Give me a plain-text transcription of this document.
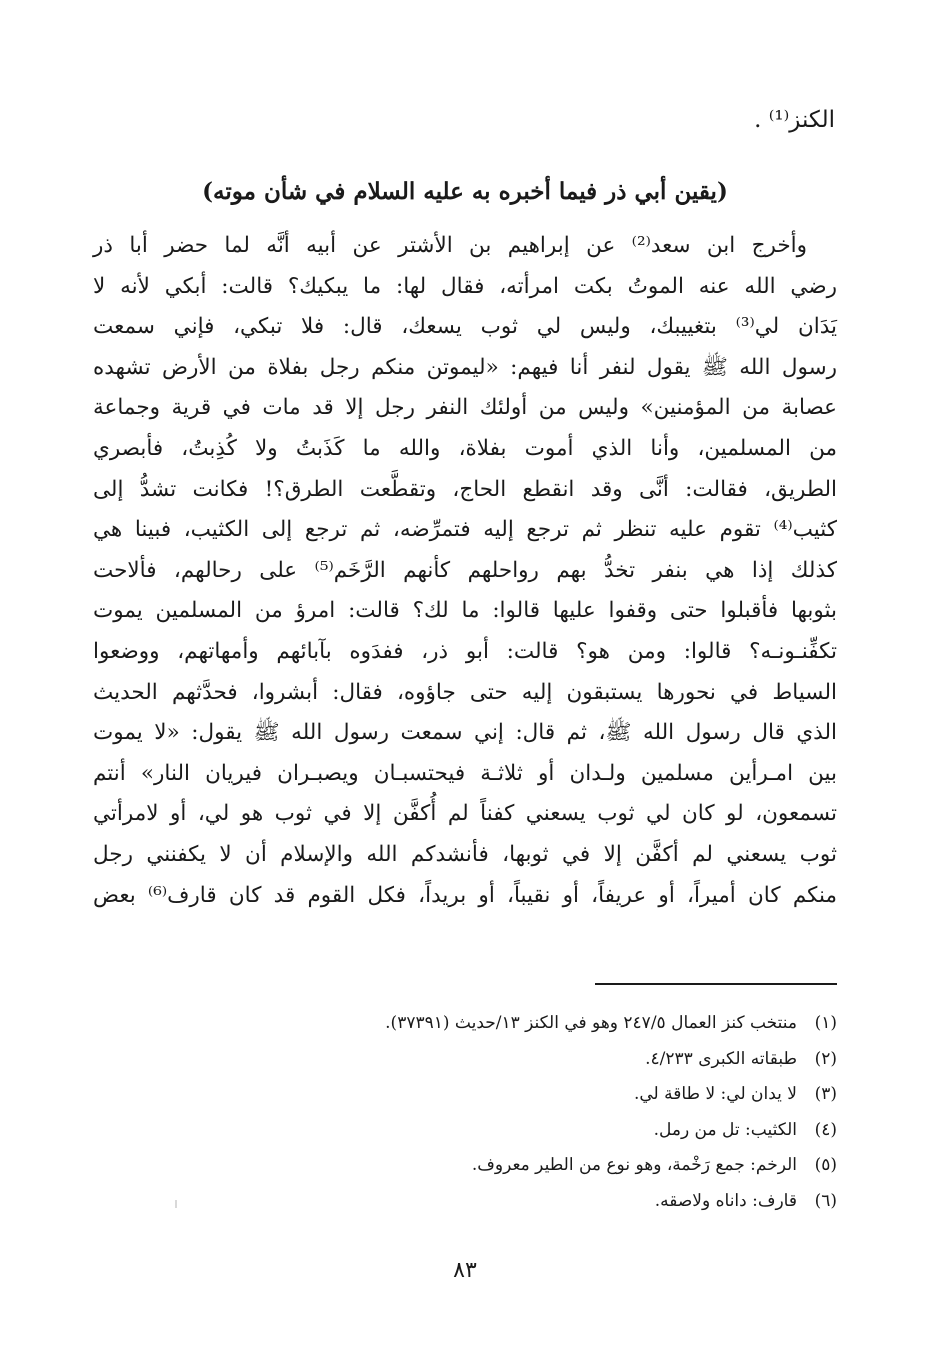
الكنز⁽¹⁾ .
(يقين أبي ذر فيما أخبره به عليه السلام في شأن موته)
وأخرج ابن سعد⁽²⁾ عن إبراهيم بن الأشتر عن أبيه أنَّه لما حضر أبا ذر
رضي الله عنه الموتُ بكت امرأته، فقال لها: ما يبكيك؟ قالت: أبكي لأنه لا
يَدَان لي⁽³⁾ بتغييبك، وليس لي ثوب يسعك، قال: فلا تبكي، فإني سمعت
رسول الله ﷺ يقول لنفر أنا فيهم: «ليموتن منكم رجل بفلاة من الأرض تشهده
عصابة من المؤمنين» وليس من أولئك النفر رجل إلا قد مات في قرية وجماعة
من المسلمين، وأنا الذي أموت بفلاة، والله ما كَذَبتُ ولا كُذِبتُ، فأبصري
الطريق، فقالت: أنَّى وقد انقطع الحاج، وتقطَّعت الطرق؟! فكانت تشدُّ إلى
كثيب⁽⁴⁾ تقوم عليه تنظر ثم ترجع إليه فتمرِّضه، ثم ترجع إلى الكثيب، فبينا هي
كذلك إذا هي بنفر تخدُّ بهم رواحلهم كأنهم الرَّخَم⁽⁵⁾ على رحالهم، فألاحت
بثوبها فأقبلوا حتى وقفوا عليها قالوا: ما لك؟ قالت: امرؤ من المسلمين يموت
تكفِّنـونـه؟ قالوا: ومن هو؟ قالت: أبو ذر، ففدَوه بآبائهم وأمهاتهم، ووضعوا
السياط في نحورها يستبقون إليه حتى جاؤوه، فقال: أبشروا، فحدَّثهم الحديث
الذي قال رسول الله ﷺ، ثم قال: إني سمعت رسول الله ﷺ يقول: «لا يموت
بين امـرأين مسلمين ولـدان أو ثلاثـة فيحتسبـان ويصبـران فيريان النار» أنتم
تسمعون، لو كان لي ثوب يسعني كفناً لم أُكفَّن إلا في ثوب هو لي، أو لامرأتي
ثوب يسعني لم أكفَّن إلا في ثوبها، فأنشدكم الله والإسلام أن لا يكفنني رجل
منكم كان أميراً، أو عريفاً، أو نقيباً، أو بريداً، فكل القوم قد كان قارف⁽⁶⁾ بعض
(١)
منتخب كنز العمال ٢٤٧/٥ وهو في الكنز ١٣/حديث (٣٧٣٩١).
(٢)
طبقاته الكبرى ٤/٢٣٣.
(٣)
لا يدان لي: لا طاقة لي.
(٤)
الكثيب: تل من رمل.
(٥)
الرخم: جمع رَخْمة، وهو نوع من الطير معروف.
(٦)
قارف: داناه ولاصقه.
٨٣
